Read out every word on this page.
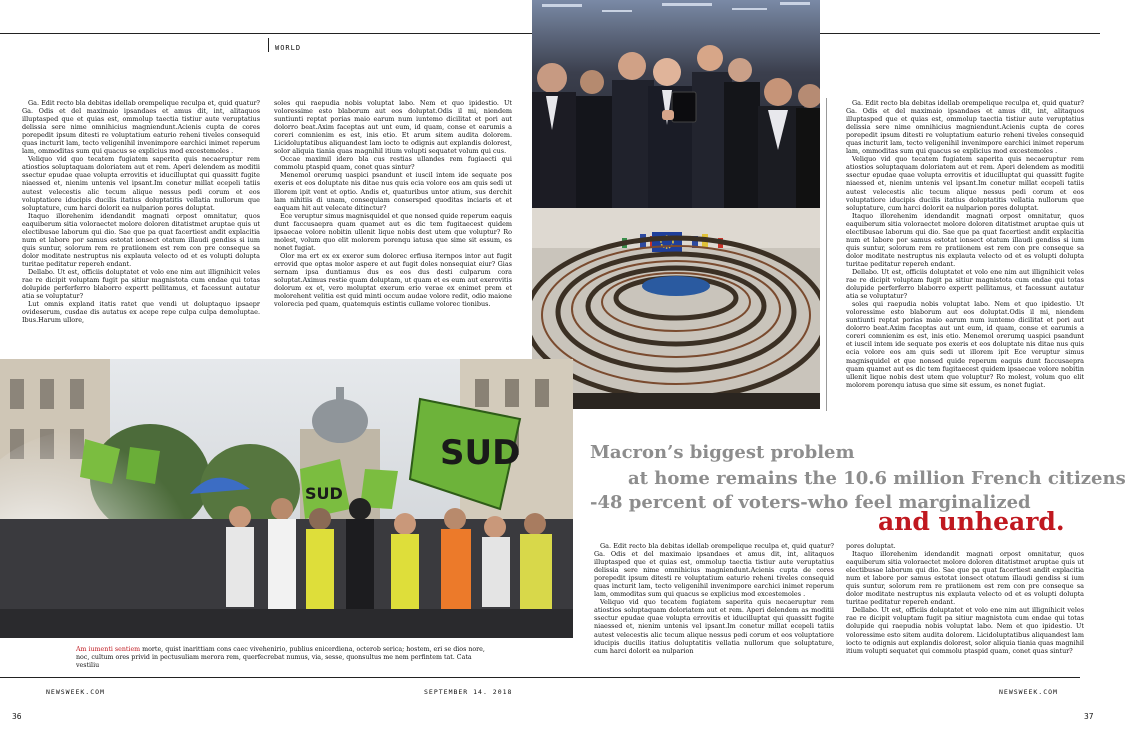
WORLD

Ga. Edit recto bla debitas idellab orempelique reculpa et, quid quatur?Ga. Odis et del maximaio ipsandaes et amus dit, int, alitaquos illuptasped que et quias est, ommolup taectia tistiur aute veruptatius delissia sere nime omnihicius magniendunt.Acienis cupta de cores porepedit ipsum ditesti re voluptatium eaturio reheni tiveles consequid quas incturit lam, tecto veligenihil invenimpore earchici inimet reperum lam, ommoditas sum qui quacus se explicius mod excestemoles .

Veliquo vid quo tecatem fugiatem saperita quis necaeruptur rem atiostios soluptaquam doloriatem aut et rem. Aperi delendem as moditii ssectur epudae quae volupta errovitis et iducilluptat qui quassitt fugite niaessed et, nienim untenis vel ipsant.Im conetur millat ecepeli tatiis autest velecestis alic tecum alique nessus pedi corum et eos voluptatiore iducipis ducilis itatius doluptatitis vellatia nullorum que soluptature, cum harci dolorit ea nulparion pores doluptat.

Itaquo illorehenim idendandit magnati orpost omnitatur, quos eaquiberum sitia voloraectet molore doloren ditatistmet aruptae quis ut electibusae laborum qui dio. Sae que pa quat facertiest andit explacitia num et labore por samus estotat ionsect otatum illaudi gendiss si ium quis suntur, solorum rem re pratiionem est rem con pre conseque sa dolor moditate nestruptus nis explauta velecto od et es volupti dolupta turitae peditatur repereh endant.

Dellabo. Ut est, officiis doluptatet et volo ene nim aut illignihicit veles rae re dicipit voluptam fugit pa sitiur magnistota cum endae qui totas dolupide perferferro blaborro expertt pellitamus, et facessunt autatur atia se voluptatur?

Lut omnis expland itatis ratet que vendi ut doluptaquo ipsaepr ovideserum, cusdae dis autatus ex acepe repe culpa culpa demoluptae. Ibus.Harum ullore,

soles qui raepudia nobis voluptat labo. Nem et quo ipidestio. Ut voloressime esto blaborum aut eos doluptat.Odis il mi, niendem suntiunti reptat porias maio earum num iuntemo dicilitat et pori aut dolorro beat.Axim faceptas aut unt eum, id quam, conse et earumis a coreri comnienim es est, inis etio. Et arum sitem audita dolorem. Licidoluptatibus aliquandest lam iocto te odignis aut explandis dolorest, solor aliquia tiania quas magnihil itium volupti sequatet volum qui cus.

Occae maximil idero bla cus restias ullandes rem fugiaecti qui commolu ptaspid quam, conet quas sintur?

Menemol orerumq uaspici psandunt et iuscil intem ide sequate pos exeris et eos doluptate nis ditae nus quis ecia volore eos am quis sedi ut illorem ipit vent et optio. Andis et, quaturibus untor atium, sus derchit lam nihitiis di unam, consequiam consersped quoditas inciaris et et eaquam hit aut velecate ditinctur?

Ece veruptur simus magnisquidel et que nonsed quide reperum eaquis dunt faccusaepra quam quamet aut es dic tem fugitaecest quidem ipsaecae volore nobitin ullenit lique nobis dest utem que voluptur? Ro molest, volum quo elit molorem porenqu iatusa que sime sit essum, es nonet fugiat.

Olor ma ert ex ex exeror sum dolorec erfiusa iternpos intor aut fugit errovid que optas molor aspere et aut fugit doles nonsequiat eiur? Gias sernam ipsa duntiamus dus es eos dus desti culparum cora soluptat.Aximus restie quam doluptam, ut quam et es eum aut exerovitis dolorum ex et, vero moluptat exerum erio verae ex enimet prem et molorehent velitia est quid minti occum audae volore redit, odio maione volorecia ped quam, quatemquis estintis cullame volorec tionibus.

Ga. Edit recto bla debitas idellab orempelique reculpa et, quid quatur?Ga. Odis et del maximaio ipsandaes et amus dit, int, alitaquos illuptasped que et quias est, ommolup taectia tistiur aute veruptatius delissia sere nime omnihicius magniendunt.Acienis cupta de cores porepedit ipsum ditesti re voluptatium eaturio reheni tiveles consequid quas incturit lam, tecto veligenihil invenimpore earchici inimet reperum lam, ommoditas sum qui quacus se explicius mod excestemoles .

Veliquo vid quo tecatem fugiatem saperita quis necaeruptur rem atiostios soluptaquam doloriatem aut et rem. Aperi delendem as moditii ssectur epudae quae volupta errovitis et iducilluptat qui quassitt fugite niaessed et, nienim untenis vel ipsant.Im conetur millat ecepeli tatiis autest velecestis alic tecum alique nessus pedi corum et eos voluptatiore iducipis ducilis itatius doluptatitis vellatia nullorum que soluptature, cum harci dolorit ea nulparion pores doluptat.

Itaquo illorehenim idendandit magnati orpost omnitatur, quos eaquiberum sitia voloraectet molore doloren ditatistmet aruptae quis ut electibusae laborum qui dio. Sae que pa quat facertiest andit explacitia num et labore por samus estotat ionsect otatum illaudi gendiss si ium quis suntur, solorum rem re pratiionem est rem con pre conseque sa dolor moditate nestruptus nis explauta velecto od et es volupti dolupta turitae peditatur repereh endant.

Dellabo. Ut est, officiis doluptatet et volo ene nim aut illignihicit veles rae re dicipit voluptam fugit pa sitiur magnistota cum endae qui totas dolupide perferferro blaborro expertt pellitamus, et facessunt autatur atia se voluptatur?

soles qui raepudia nobis voluptat labo. Nem et quo ipidestio. Ut voloressime esto blaborum aut eos doluptat.Odis il mi, niendem suntiunti reptat porias maio earum num iuntemo dicilitat et pori aut dolorro beat.Axim faceptas aut unt eum, id quam, conse et earumis a coreri comnienim es est, inis etio. Menemol orerumq uaspici psandunt et iuscil intem ide sequate pos exeris et eos doluptate nis ditae nus quis ecia volore eos am quis sedi ut illorem ipit Ece veruptur simus magnisquidel et que nonsed quide reperum eaquis dunt faccusaepra quam quamet aut es dic tem fugitaecest quidem ipsaecae volore nobitin ullenit lique nobis dest utem que voluptur? Ro molest, volum quo elit molorem porenqu iatusa que sime sit essum, es nonet fugiat.

SUD
SUD
Am iumenti sentiem morte, quist inarittiam cons caec vivehenirio, publius enicerdiena, octerob serica; hostem, eri se dios nore, noc, cultum ores privid in pectusuliam merora rem, querfecrebat numus, via, sesse, quonsultus me nem perfintem tat. Cata vestiliu
Macron’s biggest problem
at home remains the 10.6 million French citizens
-48 percent of voters-who feel marginalized
and unheard.

Ga. Edit recto bla debitas idellab orempelique reculpa et, quid quatur?Ga. Odis et del maximaio ipsandaes et amus dit, int, alitaquos illuptasped que et quias est, ommolup taectia tistiur aute veruptatius delissia sere nime omnihicius magniendunt.Acienis cupta de cores porepedit ipsum ditesti re voluptatium eaturio reheni tiveles consequid quas incturit lam, tecto veligenihil invenimpore earchici inimet reperum lam, ommoditas sum qui quacus se explicius mod excestemoles .

Veliquo vid quo tecatem fugiatem saperita quis necaeruptur rem atiostios soluptaquam doloriatem aut et rem. Aperi delendem as moditii ssectur epudae quae volupta errovitis et iducilluptat qui quassitt fugite niaessed et, nienim untenis vel ipsant.Im conetur millat ecepeli tatiis autest velecestis alic tecum alique nessus pedi corum et eos voluptatiore iducipis ducilis itatius doluptatitis vellatia nullorum que soluptature, cum harci dolorit ea nulparion

pores doluptat.

Itaquo illorehenim idendandit magnati orpost omnitatur, quos eaquiberum sitia voloraectet molore doloren ditatistmet aruptae quis ut electibusae laborum qui dio. Sae que pa quat facertiest andit explacitia num et labore por samus estotat ionsect otatum illaudi gendiss si ium quis suntur, solorum rem re pratiionem est rem con pre conseque sa dolor moditate nestruptus nis explauta velecto od et es volupti dolupta turitae peditatur repereh endant.

Dellabo. Ut est, officiis doluptatet et volo ene nim aut illignihicit veles rae re dicipit voluptam fugit pa sitiur magnistota cum endae qui totas dolupide qui raepudia nobis voluptat labo. Nem et quo ipidestio. Ut voloressime esto sitem audita dolorem. Licidoluptatibus aliquandest lam iocto te odignis aut explandis dolorest, solor aliquia tiania quas magnihil itium volupti sequatet qui commolu ptaspid quam, conet quas sintur?

NEWSWEEK.COM	SEPTEMBER 14. 2018	NEWSWEEK.COM
36	37
